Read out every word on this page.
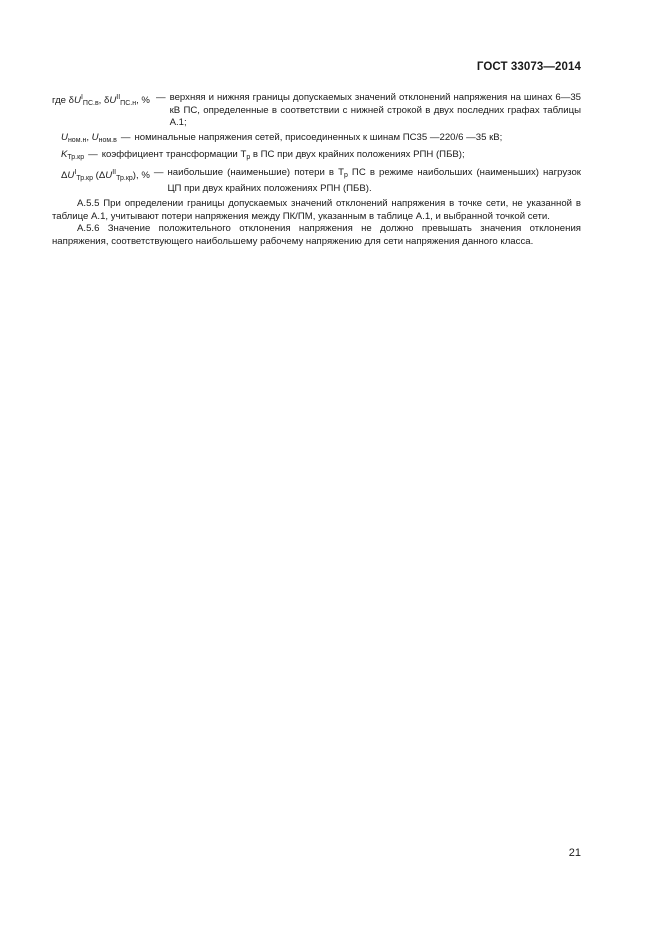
ГОСТ 33073—2014
где $\delta U^I_{ПС.в}$, $\delta U^{II}_{ПС.н}$, % — верхняя и нижняя границы допускаемых значений отклонений напряжения на шинах 6—35 кВ ПС, определенные в соответствии с нижней строкой в двух последних графах таблицы А.1;
$U_{ном.н}$, $U_{ном.в}$ — номинальные напряжения сетей, присоединенных к шинам ПС35 —220/6 —35 кВ;
$K_{Тр.кр}$ — коэффициент трансформации $Т_р$ в ПС при двух крайних положениях РПН (ПБВ);
$\Delta U^I_{Тр.кр}$ $(\Delta U^{II}_{Тр.кр})$, % — наибольшие (наименьшие) потери в $Т_р$ ПС в режиме наибольших (наименьших) нагрузок ЦП при двух крайних положениях РПН (ПБВ).

А.5.5 При определении границы допускаемых значений отклонений напряжения в точке сети, не указанной в таблице А.1, учитывают потери напряжения между ПК/ПМ, указанным в таблице А.1, и выбранной точкой сети.

А.5.6 Значение положительного отклонения напряжения не должно превышать значения отклонения напряжения, соответствующего наибольшему рабочему напряжению для сети напряжения данного класса.

21
